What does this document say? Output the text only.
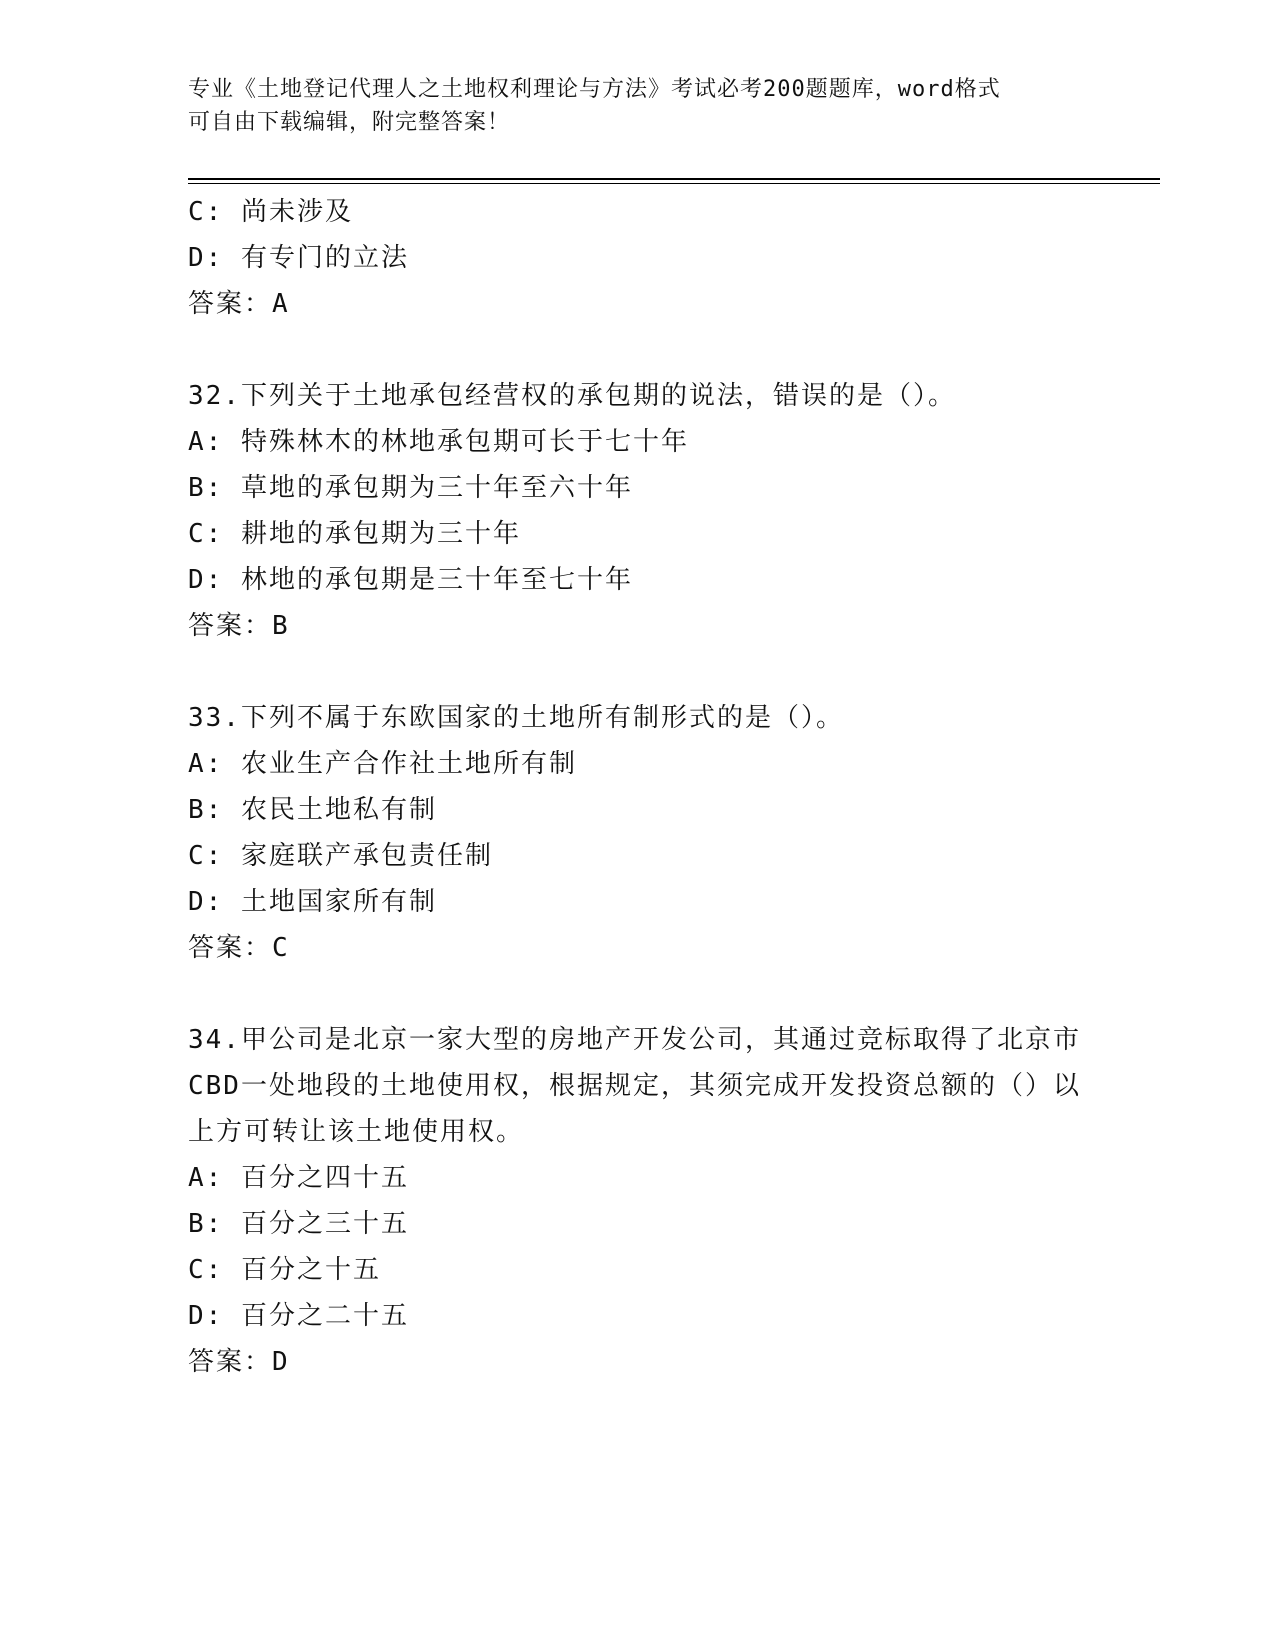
专业《土地登记代理人之土地权利理论与方法》考试必考200题题库，word格式
可自由下载编辑，附完整答案！
C: 尚未涉及
D: 有专门的立法
答案：A
32.下列关于土地承包经营权的承包期的说法，错误的是（）。
A: 特殊林木的林地承包期可长于七十年
B: 草地的承包期为三十年至六十年
C: 耕地的承包期为三十年
D: 林地的承包期是三十年至七十年
答案：B
33.下列不属于东欧国家的土地所有制形式的是（）。
A: 农业生产合作社土地所有制
B: 农民土地私有制
C: 家庭联产承包责任制
D: 土地国家所有制
答案：C
34.甲公司是北京一家大型的房地产开发公司，其通过竞标取得了北京市CBD一处地段的土地使用权，根据规定，其须完成开发投资总额的（）以上方可转让该土地使用权。
A: 百分之四十五
B: 百分之三十五
C: 百分之十五
D: 百分之二十五
答案：D
